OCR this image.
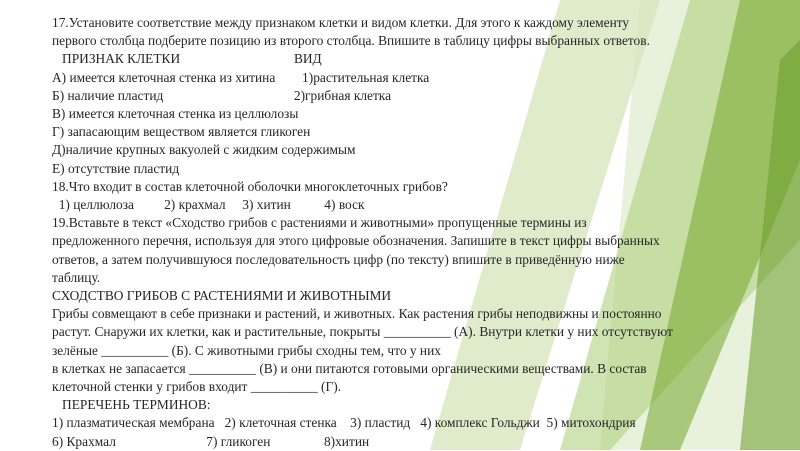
17.Установите соответствие между признаком клетки и видом клетки. Для этого к каждому элементу
первого столбца подберите позицию из второго столбца. Впишите в таблицу цифры выбранных ответов.
ПРИЗНАК КЛЕТКИ                                  ВИД
А) имеется клеточная стенка из хитина        1)растительная клетка
Б) наличие пластид                                       2)грибная клетка
В) имеется клеточная стенка из целлюлозы
Г) запасающим веществом является гликоген
Д)наличие крупных вакуолей с жидким содержимым
Е) отсутствие пластид
18.Что входит в состав клеточной оболочки многоклеточных грибов?
1) целлюлоза         2) крахмал     3) хитин          4) воск
19.Вставьте в текст «Сходство грибов с растениями и животными» пропущенные термины из
предложенного перечня, используя для этого цифровые обозначения. Запишите в текст цифры выбранных
ответов, а затем получившуюся последовательность цифр (по тексту) впишите в приведённую ниже
таблицу.
СХОДСТВО ГРИБОВ С РАСТЕНИЯМИ И ЖИВОТНЫМИ
Грибы совмещают в себе признаки и растений, и животных. Как растения грибы неподвижны и постоянно
растут. Снаружи их клетки, как и растительные, покрыты __________ (А). Внутри клетки у них отсутствуют
зелёные __________ (Б). С животными грибы сходны тем, что у них
в клетках не запасается __________ (В) и они питаются готовыми органическими веществами. В состав
клеточной стенки у грибов входит __________ (Г).
ПЕРЕЧЕНЬ ТЕРМИНОВ:
1) плазматическая мембрана   2) клеточная стенка    3) пластид   4) комплекс Гольджи  5) митохондрия
6) Крахмал                           7) гликоген                8)хитин
